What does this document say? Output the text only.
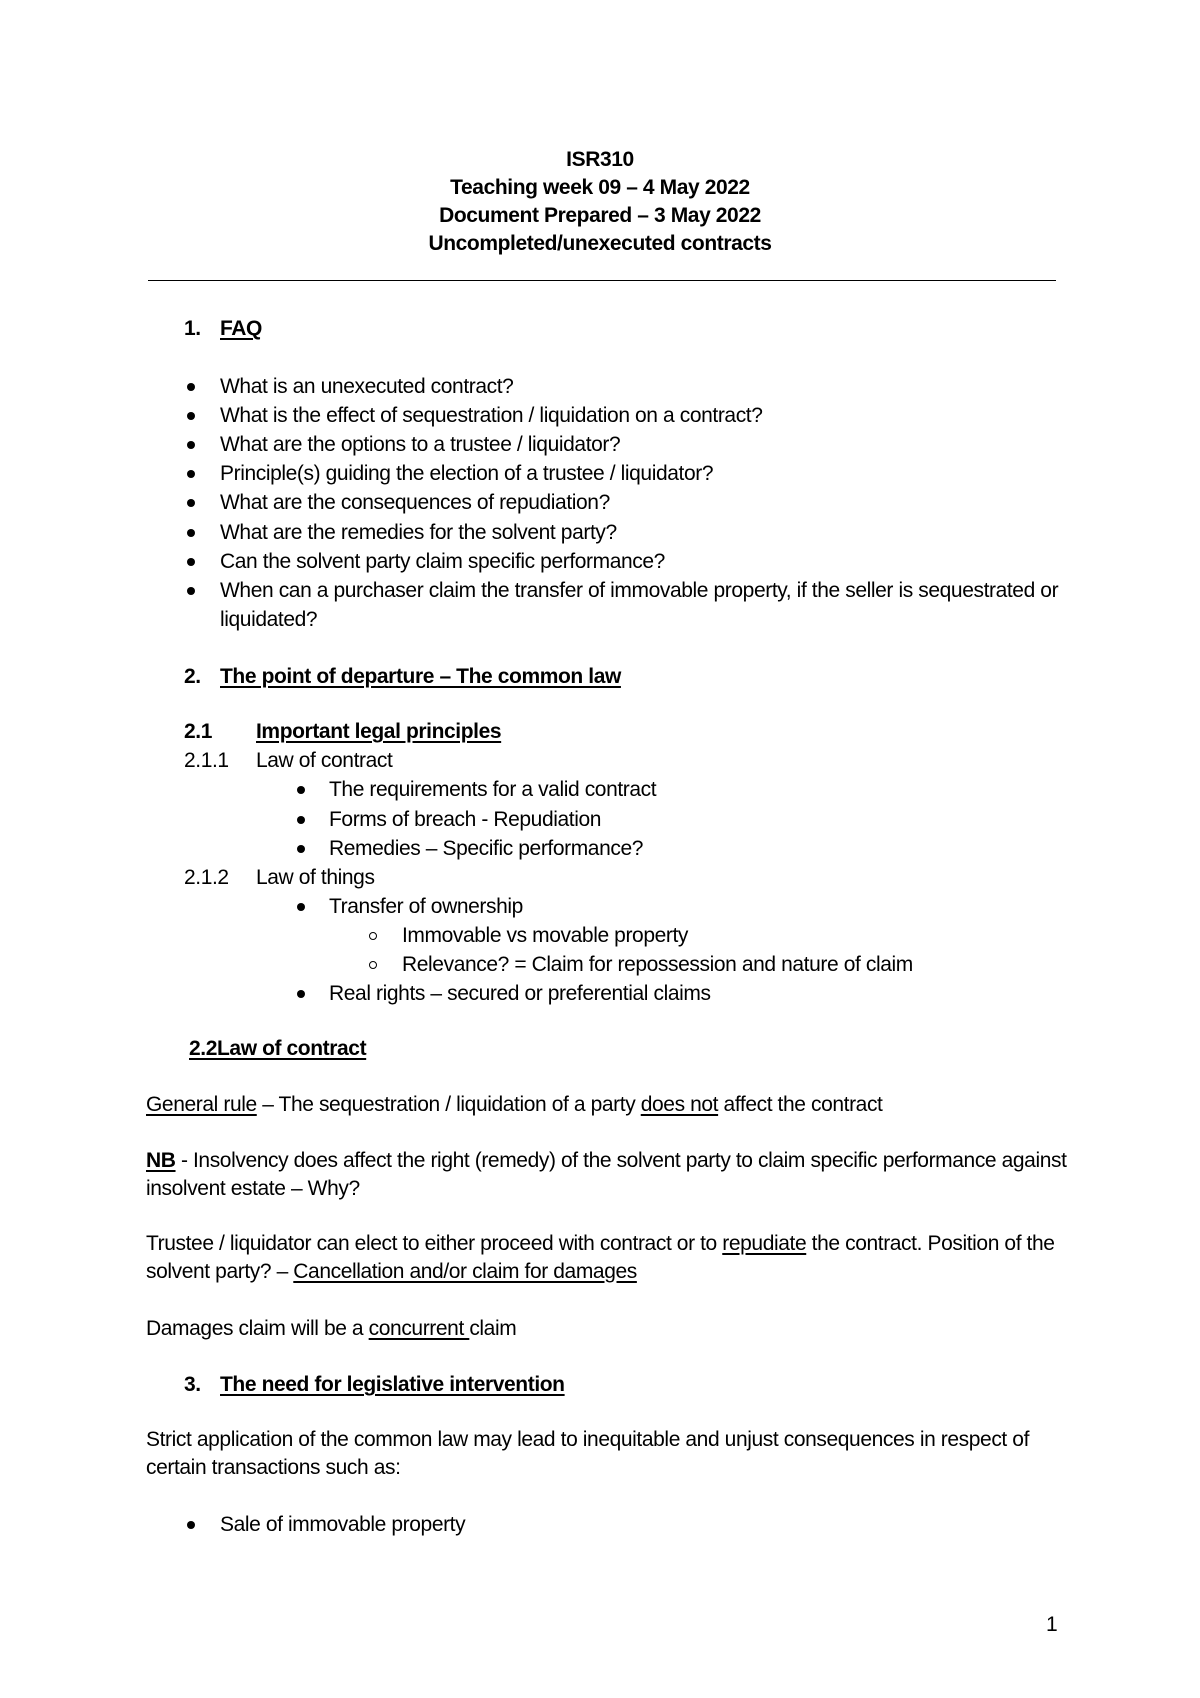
ISR310
Teaching week 09 – 4 May 2022
Document Prepared – 3 May 2022
Uncompleted/unexecuted contracts
1. FAQ
What is an unexecuted contract?
What is the effect of sequestration / liquidation on a contract?
What are the options to a trustee / liquidator?
Principle(s) guiding the election of a trustee / liquidator?
What are the consequences of repudiation?
What are the remedies for the solvent party?
Can the solvent party claim specific performance?
When can a purchaser claim the transfer of immovable property, if the seller is sequestrated or
liquidated?
2. The point of departure – The common law
2.1 Important legal principles
2.1.1 Law of contract
The requirements for a valid contract
Forms of breach - Repudiation
Remedies – Specific performance?
2.1.2 Law of things
Transfer of ownership
Immovable vs movable property
Relevance? = Claim for repossession and nature of claim
Real rights – secured or preferential claims
2.2Law of contract
General rule – The sequestration / liquidation of a party does not affect the contract
NB - Insolvency does affect the right (remedy) of the solvent party to claim specific performance against
insolvent estate – Why?
Trustee / liquidator can elect to either proceed with contract or to repudiate the contract. Position of the
solvent party? – Cancellation and/or claim for damages
Damages claim will be a concurrent claim
3. The need for legislative intervention
Strict application of the common law may lead to inequitable and unjust consequences in respect of
certain transactions such as:
Sale of immovable property
1
